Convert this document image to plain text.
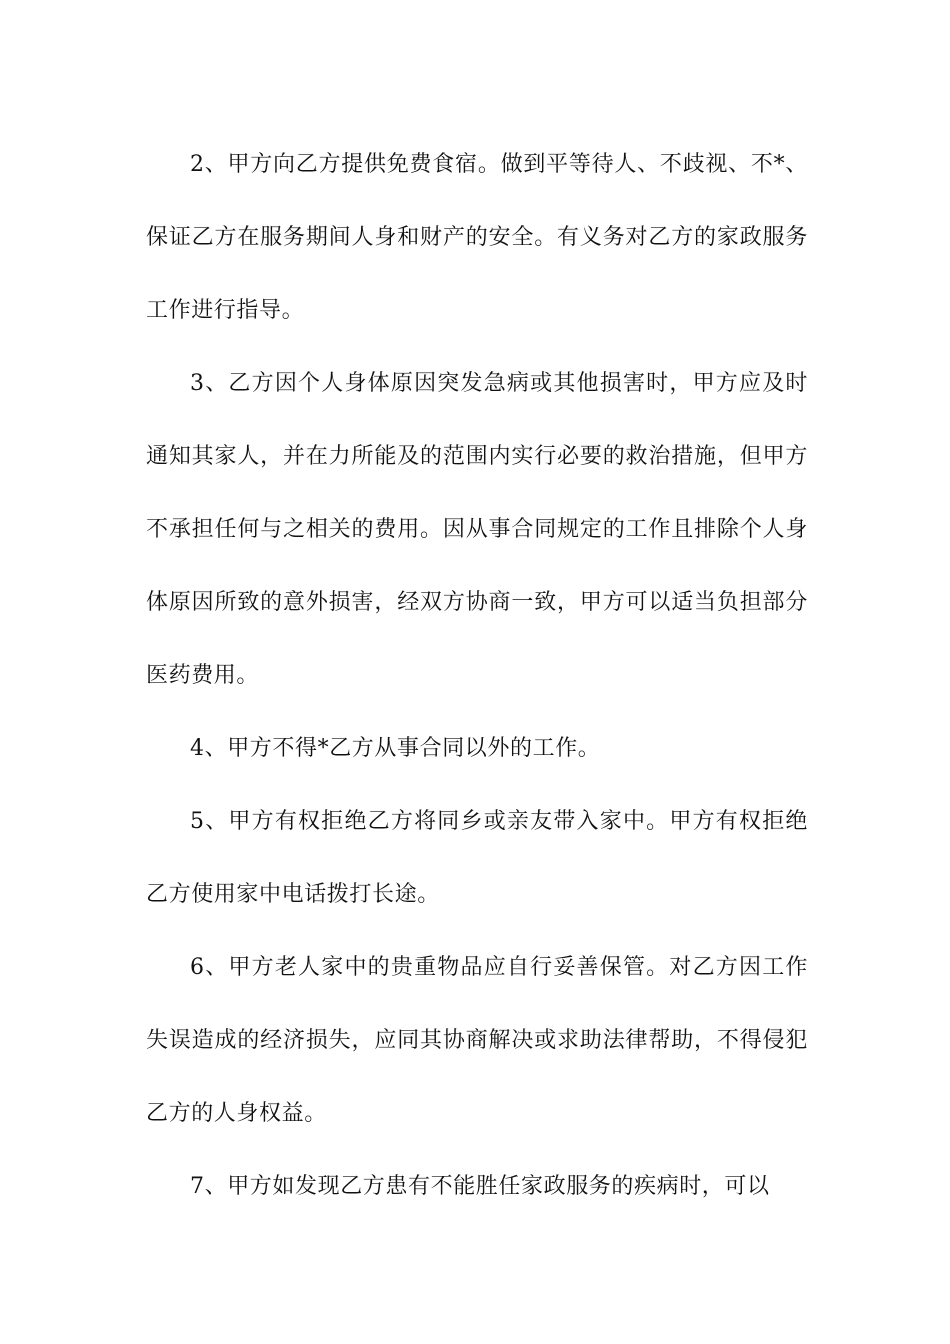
2、甲方向乙方提供免费食宿。做到平等待人、不歧视、不*、保证乙方在服务期间人身和财产的安全。有义务对乙方的家政服务工作进行指导。

3、乙方因个人身体原因突发急病或其他损害时，甲方应及时通知其家人，并在力所能及的范围内实行必要的救治措施，但甲方不承担任何与之相关的费用。因从事合同规定的工作且排除个人身体原因所致的意外损害，经双方协商一致，甲方可以适当负担部分医药费用。

4、甲方不得*乙方从事合同以外的工作。

5、甲方有权拒绝乙方将同乡或亲友带入家中。甲方有权拒绝乙方使用家中电话拨打长途。

6、甲方老人家中的贵重物品应自行妥善保管。对乙方因工作失误造成的经济损失，应同其协商解决或求助法律帮助，不得侵犯乙方的人身权益。

7、甲方如发现乙方患有不能胜任家政服务的疾病时，可以
